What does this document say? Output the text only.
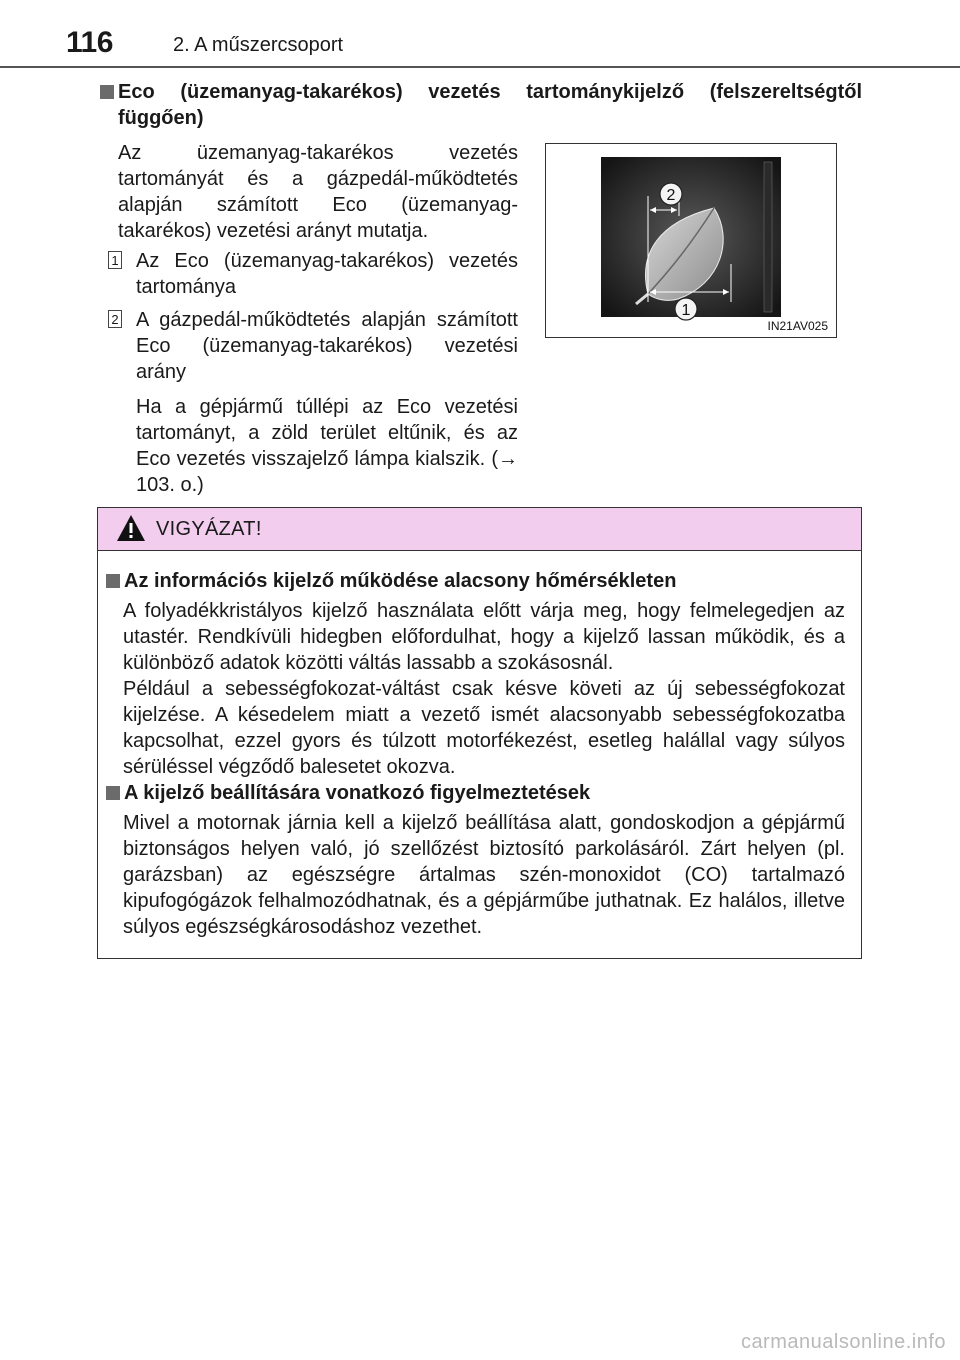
116	2. A műszercsoport
Eco (üzemanyag-takarékos) vezetés tartománykijelző (felszereltségtől függően)
Az üzemanyag-takarékos vezetés tartományát és a gázpedál-működtetés alapján számított Eco (üzemanyag-takarékos) vezetési arányt mutatja.
1 Az Eco (üzemanyag-takarékos) vezetés tartománya
2 A gázpedál-működtetés alapján számított Eco (üzemanyag-takarékos) vezetési arány
Ha a gépjármű túllépi az Eco vezetési tartományt, a zöld terület eltűnik, és az Eco vezetés visszajelző lámpa kialszik. (→ 103. o.)
2
1
IN21AV025
VIGYÁZAT!
Az információs kijelző működése alacsony hőmérsékleten
A folyadékkristályos kijelző használata előtt várja meg, hogy felmelegedjen az utastér. Rendkívüli hidegben előfordulhat, hogy a kijelző lassan működik, és a különböző adatok közötti váltás lassabb a szokásosnál.
Például a sebességfokozat-váltást csak késve követi az új sebességfokozat kijelzése. A késedelem miatt a vezető ismét alacsonyabb sebességfokozatba kapcsolhat, ezzel gyors és túlzott motorfékezést, esetleg halállal vagy súlyos sérüléssel végződő balesetet okozva.
A kijelző beállítására vonatkozó figyelmeztetések
Mivel a motornak járnia kell a kijelző beállítása alatt, gondoskodjon a gépjármű biztonságos helyen való, jó szellőzést biztosító parkolásáról. Zárt helyen (pl. garázsban) az egészségre ártalmas szén-monoxidot (CO) tartalmazó kipufogógázok felhalmozódhatnak, és a gépjárműbe juthatnak. Ez halálos, illetve súlyos egészségkárosodáshoz vezethet.
carmanualsonline.info
